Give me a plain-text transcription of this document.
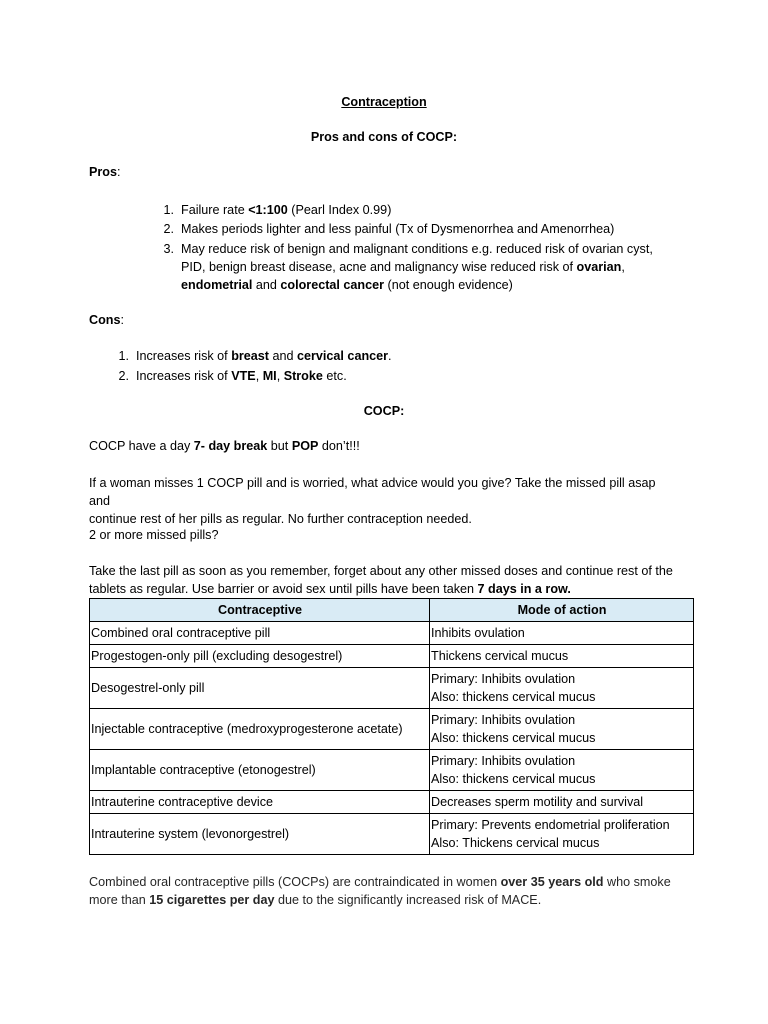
Contraception
Pros and cons of COCP:
Pros:
1. Failure rate <1:100 (Pearl Index 0.99)
2. Makes periods lighter and less painful (Tx of Dysmenorrhea and Amenorrhea)
3. May reduce risk of benign and malignant conditions e.g. reduced risk of ovarian cyst,
PID, benign breast disease, acne and malignancy wise reduced risk of ovarian,
endometrial and colorectal cancer (not enough evidence)
Cons:
1. Increases risk of breast and cervical cancer.
2. Increases risk of VTE, MI, Stroke etc.
COCP:
COCP have a day 7- day break but POP don’t!!!
If a woman misses 1 COCP pill and is worried, what advice would you give? Take the missed pill asap and
continue rest of her pills as regular. No further contraception needed.
2 or more missed pills?
Take the last pill as soon as you remember, forget about any other missed doses and continue rest of the
tablets as regular. Use barrier or avoid sex until pills have been taken 7 days in a row.
Contraceptive	Mode of action
Combined oral contraceptive pill	Inhibits ovulation
Progestogen-only pill (excluding desogestrel)	Thickens cervical mucus
Desogestrel-only pill	Primary: Inhibits ovulation
Also: thickens cervical mucus
Injectable contraceptive (medroxyprogesterone acetate)	Primary: Inhibits ovulation
Also: thickens cervical mucus
Implantable contraceptive (etonogestrel)	Primary: Inhibits ovulation
Also: thickens cervical mucus
Intrauterine contraceptive device	Decreases sperm motility and survival
Intrauterine system (levonorgestrel)	Primary: Prevents endometrial proliferation
Also: Thickens cervical mucus
Combined oral contraceptive pills (COCPs) are contraindicated in women over 35 years old who smoke
more than 15 cigarettes per day due to the significantly increased risk of MACE.
